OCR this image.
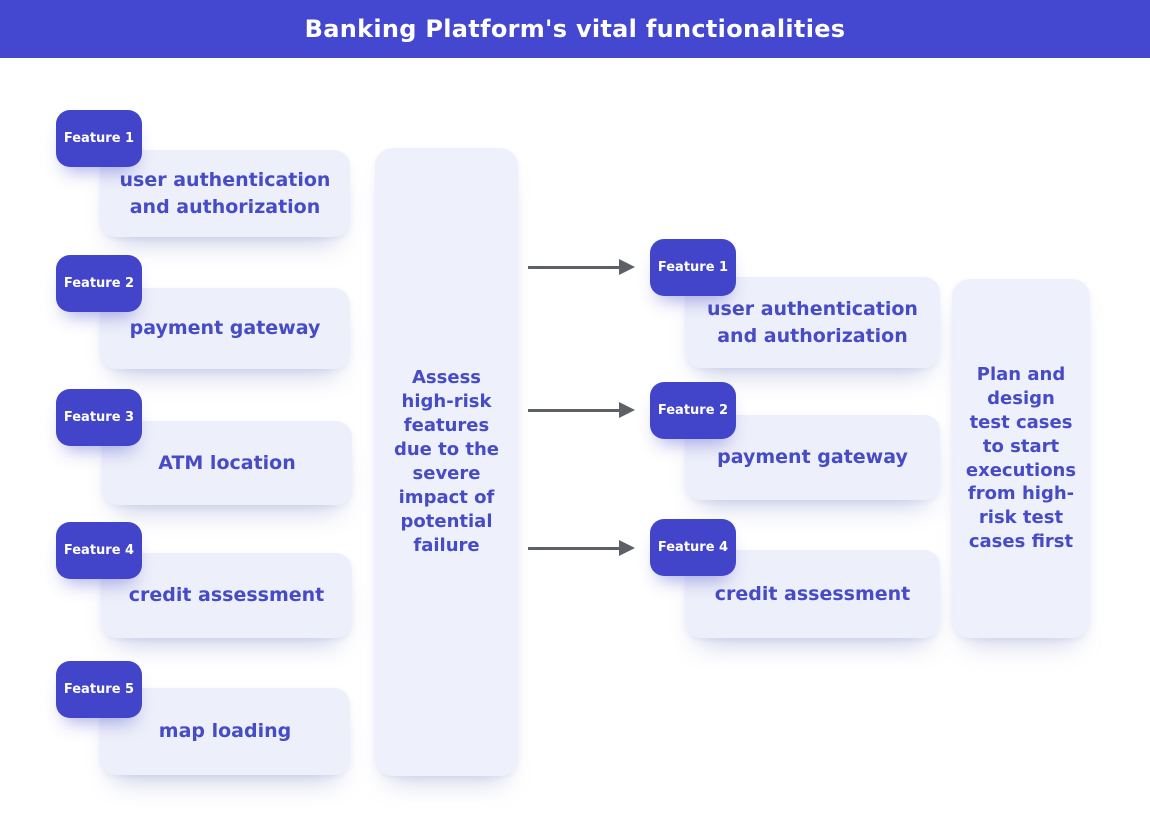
Banking Platform's vital functionalities
Feature 1
user authentication and authorization
Feature 2
payment gateway
Feature 3
ATM location
Feature 4
credit assessment
Feature 5
map loading

Assess high-risk features due to the severe impact of potential failure

Feature 1
user authentication and authorization
Feature 2
payment gateway
Feature 4
credit assessment

Plan and design test cases to start executions from high-risk test cases first
